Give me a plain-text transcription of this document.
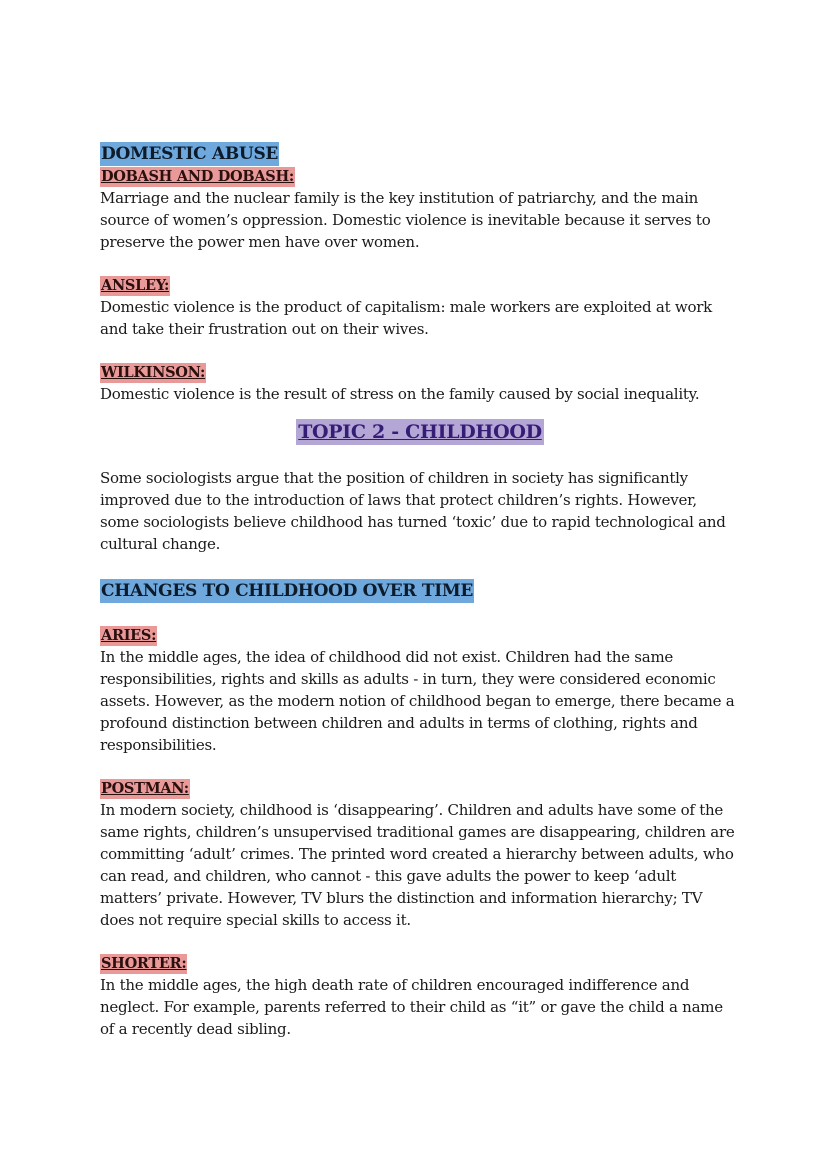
DOMESTIC ABUSE
DOBASH AND DOBASH:

Marriage and the nuclear family is the key institution of patriarchy, and the main source of women’s oppression. Domestic violence is inevitable because it serves to preserve the power men have over women.

ANSLEY:

Domestic violence is the product of capitalism: male workers are exploited at work and take their frustration out on their wives.

WILKINSON:

Domestic violence is the result of stress on the family caused by social inequality.

TOPIC 2 - CHILDHOOD

Some sociologists argue that the position of children in society has significantly improved due to the introduction of laws that protect children’s rights. However, some sociologists believe childhood has turned ‘toxic’ due to rapid technological and cultural change.

CHANGES TO CHILDHOOD OVER TIME
ARIES:

In the middle ages, the idea of childhood did not exist. Children had the same responsibilities, rights and skills as adults - in turn, they were considered economic assets. However, as the modern notion of childhood began to emerge, there became a profound distinction between children and adults in terms of clothing, rights and responsibilities.

POSTMAN:

In modern society, childhood is ‘disappearing’. Children and adults have some of the same rights, children’s unsupervised traditional games are disappearing, children are committing ‘adult’ crimes. The printed word created a hierarchy between adults, who can read, and children, who cannot - this gave adults the power to keep ‘adult matters’ private. However, TV blurs the distinction and information hierarchy; TV does not require special skills to access it.

SHORTER:

In the middle ages, the high death rate of children encouraged indifference and neglect. For example, parents referred to their child as “it” or gave the child a name of a recently dead sibling.
